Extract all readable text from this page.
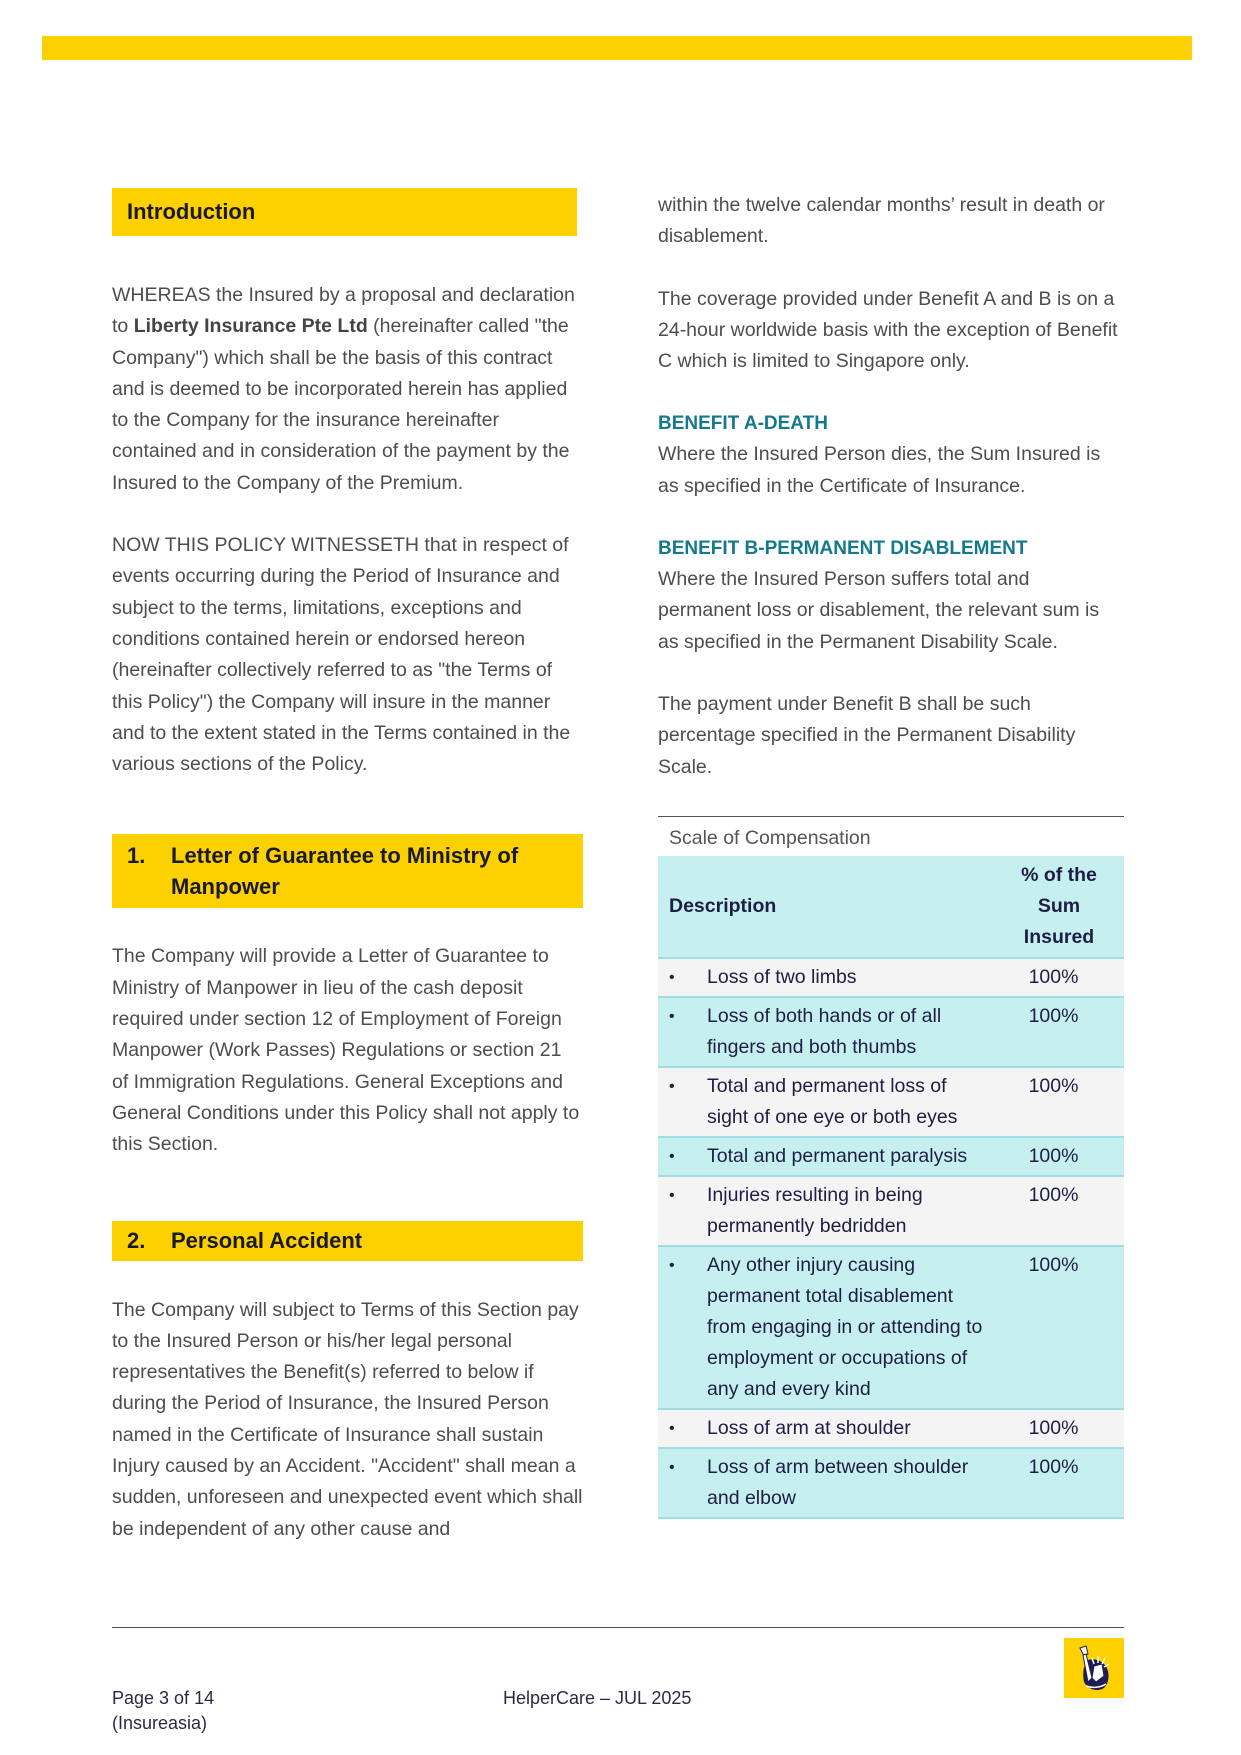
Introduction

WHEREAS the Insured by a proposal and declaration to Liberty Insurance Pte Ltd (hereinafter called "the Company") which shall be the basis of this contract and is deemed to be incorporated herein has applied to the Company for the insurance hereinafter contained and in consideration of the payment by the Insured to the Company of the Premium.

NOW THIS POLICY WITNESSETH that in respect of events occurring during the Period of Insurance and subject to the terms, limitations, exceptions and conditions contained herein or endorsed hereon (hereinafter collectively referred to as "the Terms of this Policy") the Company will insure in the manner and to the extent stated in the Terms contained in the various sections of the Policy.

1.	Letter of Guarantee to Ministry of Manpower

The Company will provide a Letter of Guarantee to Ministry of Manpower in lieu of the cash deposit required under section 12 of Employment of Foreign Manpower (Work Passes) Regulations or section 21 of Immigration Regulations. General Exceptions and General Conditions under this Policy shall not apply to this Section.

2.	Personal Accident

The Company will subject to Terms of this Section pay to the Insured Person or his/her legal personal representatives the Benefit(s) referred to below if during the Period of Insurance, the Insured Person named in the Certificate of Insurance shall sustain Injury caused by an Accident. "Accident" shall mean a sudden, unforeseen and unexpected event which shall be independent of any other cause and

within the twelve calendar months’ result in death or disablement.

The coverage provided under Benefit A and B is on a 24-hour worldwide basis with the exception of Benefit C which is limited to Singapore only.

BENEFIT A-DEATH

Where the Insured Person dies, the Sum Insured is as specified in the Certificate of Insurance.

BENEFIT B-PERMANENT DISABLEMENT

Where the Insured Person suffers total and permanent loss or disablement, the relevant sum is as specified in the Permanent Disability Scale.

The payment under Benefit B shall be such percentage specified in the Permanent Disability Scale.

Scale of Compensation
Description	% of the Sum Insured

• Loss of two limbs	100%

• Loss of both hands or of all fingers and both thumbs	100%

• Total and permanent loss of sight of one eye or both eyes	100%

• Total and permanent paralysis	100%

• Injuries resulting in being permanently bedridden	100%

• Any other injury causing permanent total disablement from engaging in or attending to employment or occupations of any and every kind	100%

• Loss of arm at shoulder	100%

• Loss of arm between shoulder and elbow	100%
Page 3 of 14
(Insureasia)
HelperCare – JUL 2025
